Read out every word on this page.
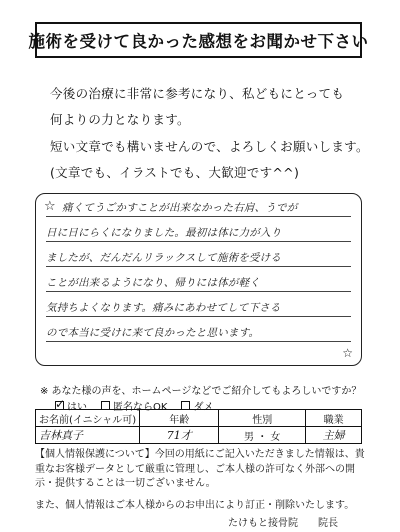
施術を受けて良かった感想をお聞かせ下さい
今後の治療に非常に参考になり、私どもにとっても
何よりの力となります。
短い文章でも構いませんので、よろしくお願いします。
(文章でも、イラストでも、大歓迎です^^)
☆ 痛くてうごかすことが出来なかった右肩、うでが
日に日にらくになりました。最初は体に力が入り
ましたが、だんだんリラックスして施術を受ける
ことが出来るようになり、帰りには体が軽く
気持ちよくなります。痛みにあわせてして下さる
ので本当に受けに来て良かったと思います。
☆
※ あなた様の声を、ホームページなどでご紹介してもよろしいですか？
✓
はい	匿名ならOK	ダメ
お名前(イニシャル可)	年齢	性別	職業
吉林真子	71才	男 ・ 女	主婦
【個人情報保護について】今回の用紙にご記入いただきました情報は、貴重なお客様データとして厳重に管理し、ご本人様の許可なく外部への開示・提供することは一切ございません。
また、個人情報はご本人様からのお申出により訂正・削除いたします。
たけもと接骨院　　院長
